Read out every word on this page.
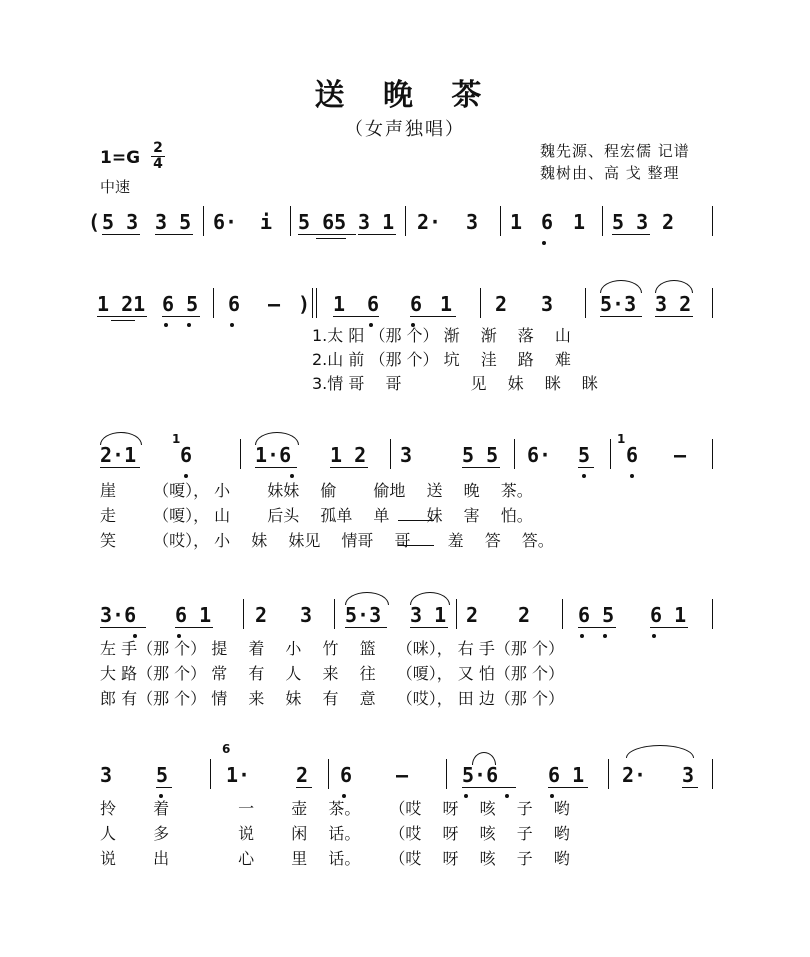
送 晚 茶
（女声独唱）
1=G 2
4
中速
魏先源、程宏儒 记谱
魏树由、高 戈 整理
( 5 3 3 5 6· i 5 65 3 1 2· 3 1 6 1 5 3 2
1 21 6 5 6 – ) 1 6 6 1 2 3 5·3 3 2
1.太 阳 （那 个） 渐　 渐　 落　 山
2.山 前 （那 个） 坑　 洼　 路　 难
3.情 哥　 哥　　　　 见　 妹　 眯　 眯
2·1
1
6	1·6 1 2 3 5 5 6· 5
1
6 –
崖　　 （嗄）， 小　　 妹妹　 偷　　 偷地　 送　 晚　 茶。
走　　 （嗄）， 山　　 后头　 孤单　 单　　 妹　 害　 怕。
笑　　 （哎）， 小　 妹　 妹见　 情哥　 哥　　 羞　 答　 答。
3·6 6 1 2 3 5·3 3 1 2 2 6 5 6 1
左 手（那 个） 提　 着　 小　 竹　 篮　 （咪）， 右 手（那 个）
大 路（那 个） 常　 有　 人　 来　 往　 （嗄）， 又 怕（那 个）
郎 有（那 个） 情　 来　 妹　 有　 意　 （哎）， 田 边（那 个）
3 5
6
1· 2 6 –	5·6 6 1 2· 3
拎　　 着　　　　 一　　 壶　 茶。　　 （哎　 呀　 咳　 子　 哟
人　　 多　　　　 说　　 闲　 话。　　 （哎　 呀　 咳　 子　 哟
说　　 出　　　　 心　　 里　 话。　　 （哎　 呀　 咳　 子　 哟
